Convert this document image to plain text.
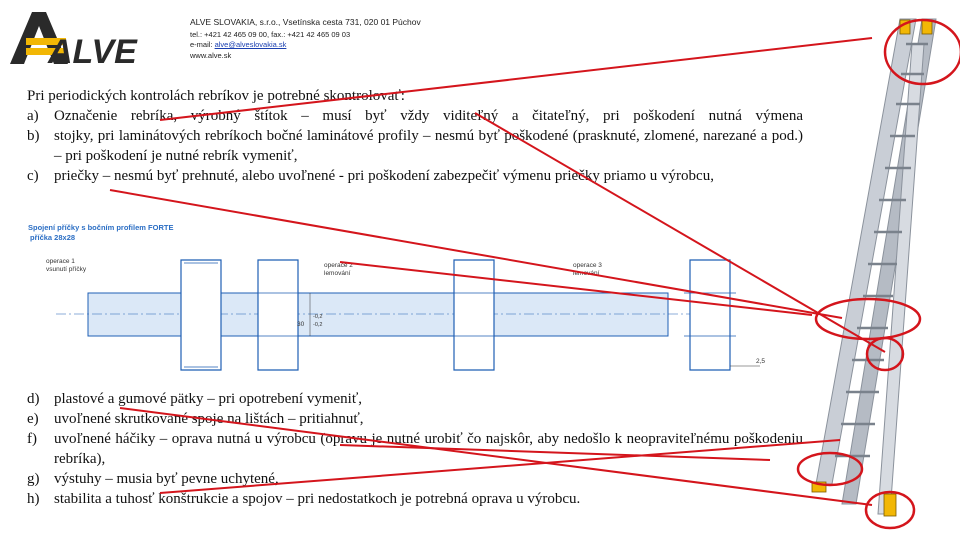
ALVE
ALVE SLOVAKIA, s.r.o., Vsetínska cesta 731, 020 01 Púchov
tel.: +421 42 465 09 00, fax.: +421 42 465 09 03
e-mail: alve@alveslovakia.sk
www.alve.sk
Pri periodických kontrolách rebríkov je potrebné skontrolovať:
a) Označenie rebríka, výrobný štítok – musí byť vždy viditeľný a čitateľný, pri poškodení nutná výmena
b) stojky, pri laminátových rebríkoch bočné laminátové profily – nesmú byť poškodené (prasknuté, zlomené, narezané a pod.) – pri poškodení je nutné rebrík vymeniť,
c) priečky – nesmú byť prehnuté, alebo uvoľnené - pri poškodení zabezpečiť výmenu priečky priamo u výrobcu,
Spojení příčky s bočním profilem FORTE
příčka 28x28
operace 1
vsunutí příčky
operace 2
lemování
operace 3
lemování
30
-0,2
-0,2
2,5
d) plastové a gumové pätky – pri opotrebení vymeniť,
e) uvoľnené skrutkované spoje na lištách – pritiahnuť,
f) uvoľnené háčiky – oprava nutná u výrobcu (opravu je nutné urobiť čo najskôr, aby nedošlo k neopraviteľnému poškodeniu rebríka),
g) výstuhy – musia byť pevne uchytené,
h) stabilita a tuhosť konštrukcie a spojov – pri nedostatkoch je potrebná oprava u výrobcu.
